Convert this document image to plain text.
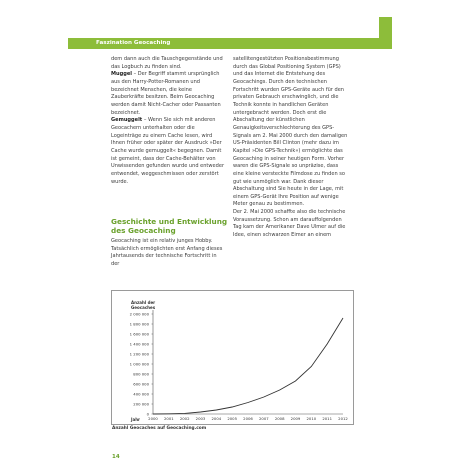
Faszination Geocaching

dem dann auch die Tauschgegenstände und das Logbuch zu finden sind.

Muggel – Der Begriff stammt ursprünglich aus den Harry-Potter-Romanen und bezeichnet Menschen, die keine Zauberkräfte besitzen. Beim Geocaching werden damit Nicht-Cacher oder Passanten bezeichnet.

Gemuggelt – Wenn Sie sich mit anderen Geocachern unterhalten oder die Logeinträge zu einem Cache lesen, wird Ihnen früher oder später der Ausdruck »Der Cache wurde gemuggelt« begegnen. Damit ist gemeint, dass der Cache-Behälter von Unwissenden gefunden wurde und entweder entwendet, weggeschmissen oder zerstört wurde.

Geschichte und Entwicklung des Geocaching

Geocaching ist ein relativ junges Hobby. Tatsächlich ermöglichten erst Anfang dieses Jahrtausends der technische Fortschritt in der

satellitengestützten Positionsbestimmung durch das Global Positioning System (GPS) und das Internet die Entstehung des Geocachings. Durch den technischen Fortschritt wurden GPS-Geräte auch für den privaten Gebrauch erschwinglich, und die Technik konnte in handlichen Geräten untergebracht werden. Doch erst die Abschaltung der künstlichen Genauigkeitsverschlechterung des GPS-Signals am 2. Mai 2000 durch den damaligen US-Präsidenten Bill Clinton (mehr dazu im Kapitel »Die GPS-Technik«) ermöglichte das Geocaching in seiner heutigen Form. Vorher waren die GPS-Signale so unpräzise, dass eine kleine versteckte Filmdose zu finden so gut wie unmöglich war. Dank dieser Abschaltung sind Sie heute in der Lage, mit einem GPS-Gerät Ihre Position auf wenige Meter genau zu bestimmen.

Der 2. Mai 2000 schaffte also die technische Voraussetzung. Schon am darauffolgenden Tag kam der Amerikaner Dave Ulmer auf die Idee, einen schwarzen Eimer an einem

Anzahl der Geocaches
0
200 000
400 000
600 000
800 000
1 000 000
1 200 000
1 400 000
1 600 000
1 800 000
2 000 000
2000 2001 2002 2003 2004 2005 2006 2007 2008 2009 2010 2011 2012
Jahr
Anzahl Geocaches auf Geocaching.com
14
